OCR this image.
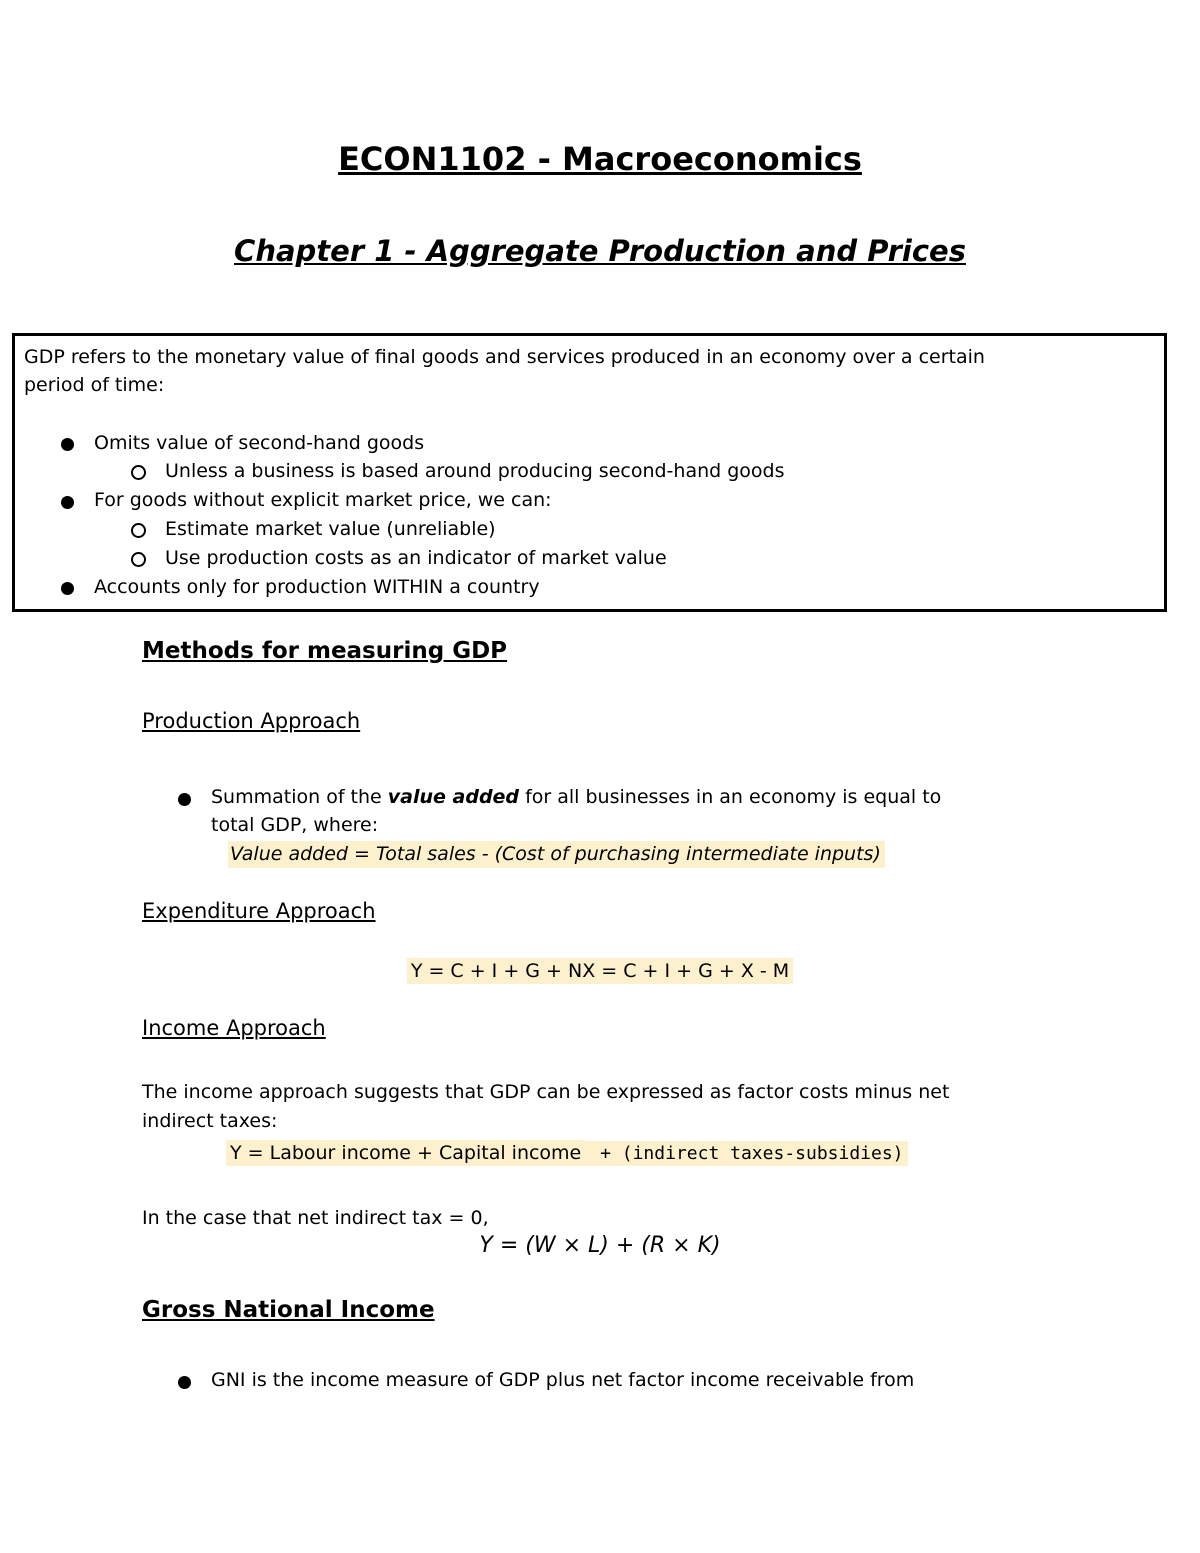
ECON1102 - Macroeconomics
Chapter 1 - Aggregate Production and Prices
GDP refers to the monetary value of final goods and services produced in an economy over a certain
period of time:
Omits value of second-hand goods
Unless a business is based around producing second-hand goods
For goods without explicit market price, we can:
Estimate market value (unreliable)
Use production costs as an indicator of market value
Accounts only for production WITHIN a country
Methods for measuring GDP
Production Approach
Summation of the value added for all businesses in an economy is equal to
total GDP, where:
Value added = Total sales - (Cost of purchasing intermediate inputs)
Expenditure Approach
Y = C + I + G + NX = C + I + G + X - M
Income Approach
The income approach suggests that GDP can be expressed as factor costs minus net
indirect taxes:
Y = Labour income + Capital income + (indirect taxes-subsidies)
In the case that net indirect tax = 0,
Y = (W × L) + (R × K)
Gross National Income
GNI is the income measure of GDP plus net factor income receivable from
